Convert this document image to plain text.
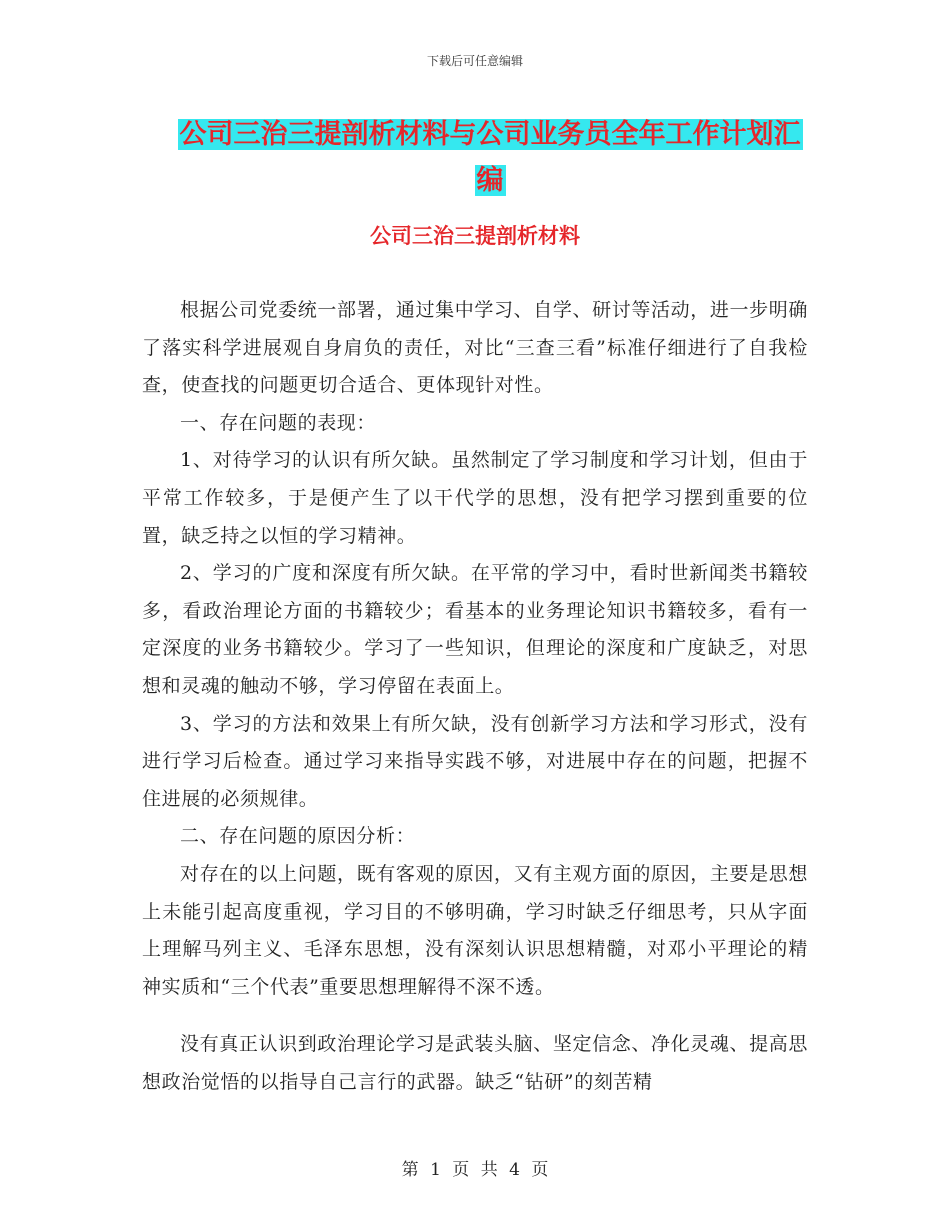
下载后可任意编辑
公司三治三提剖析材料与公司业务员全年工作计划汇
编
公司三治三提剖析材料

根据公司党委统一部署，通过集中学习、自学、研讨等活动，进一步明确了落实科学进展观自身肩负的责任，对比“三查三看”标准仔细进行了自我检查，使查找的问题更切合适合、更体现针对性。

一、存在问题的表现：

1、对待学习的认识有所欠缺。虽然制定了学习制度和学习计划，但由于平常工作较多，于是便产生了以干代学的思想，没有把学习摆到重要的位置，缺乏持之以恒的学习精神。

2、学习的广度和深度有所欠缺。在平常的学习中，看时世新闻类书籍较多，看政治理论方面的书籍较少；看基本的业务理论知识书籍较多，看有一定深度的业务书籍较少。学习了一些知识，但理论的深度和广度缺乏，对思想和灵魂的触动不够，学习停留在表面上。

3、学习的方法和效果上有所欠缺，没有创新学习方法和学习形式，没有进行学习后检查。通过学习来指导实践不够，对进展中存在的问题，把握不住进展的必须规律。

二、存在问题的原因分析：

对存在的以上问题，既有客观的原因，又有主观方面的原因，主要是思想上未能引起高度重视，学习目的不够明确，学习时缺乏仔细思考，只从字面上理解马列主义、毛泽东思想，没有深刻认识思想精髓，对邓小平理论的精神实质和“三个代表”重要思想理解得不深不透。

没有真正认识到政治理论学习是武装头脑、坚定信念、净化灵魂、提高思想政治觉悟的以指导自己言行的武器。缺乏“钻研”的刻苦精

第 1 页 共 4 页
